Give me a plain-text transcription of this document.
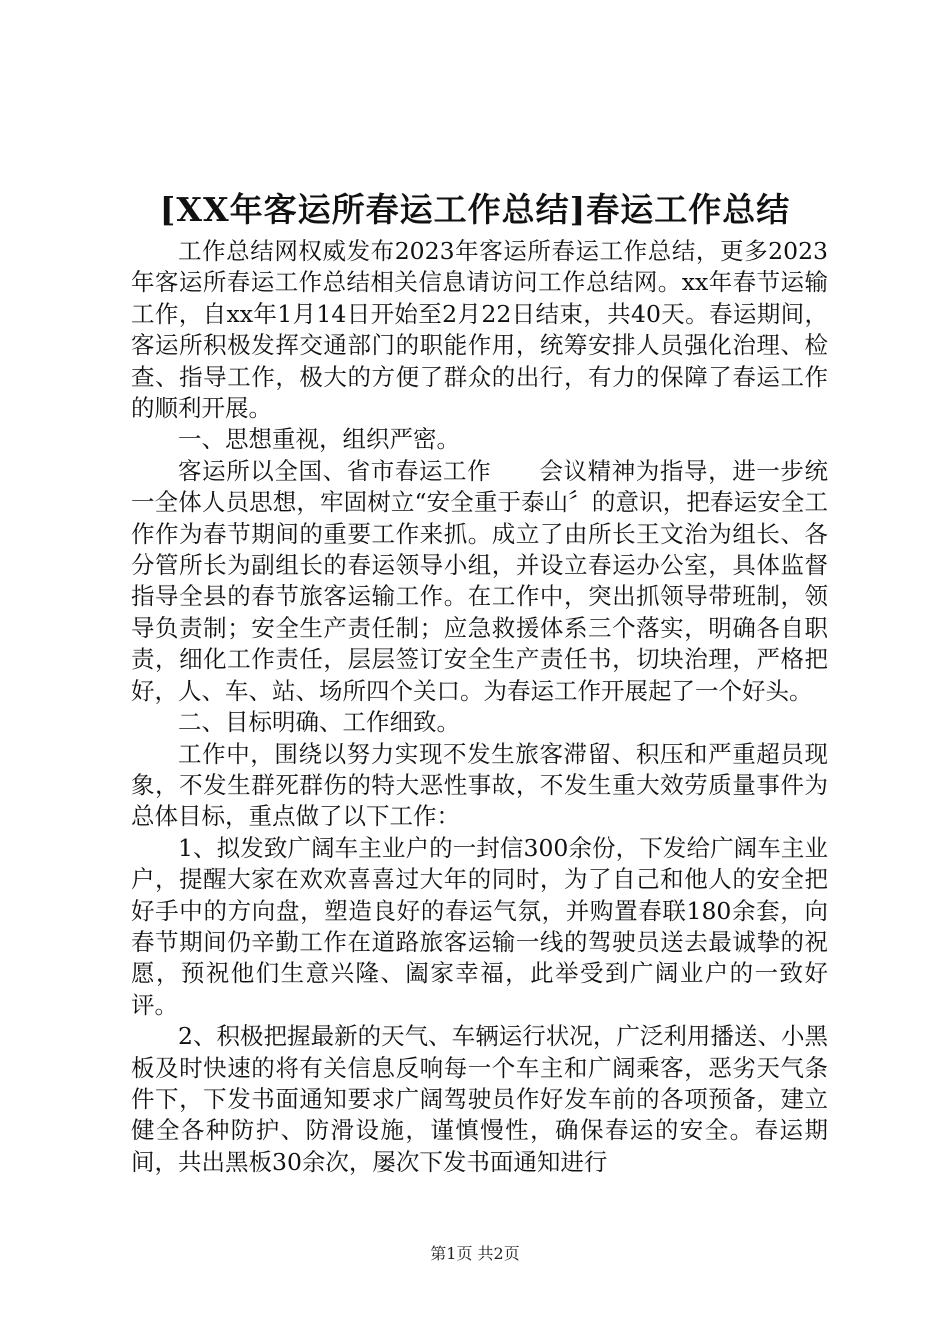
[XX年客运所春运工作总结]春运工作总结

工作总结网权威发布2023年客运所春运工作总结，更多2023年客运所春运工作总结相关信息请访问工作总结网。xx年春节运输工作，自xx年1月14日开始至2月22日结束，共40天。春运期间，客运所积极发挥交通部门的职能作用，统筹安排人员强化治理、检查、指导工作，极大的方便了群众的出行，有力的保障了春运工作的顺利开展。

一、思想重视，组织严密。

客运所以全国、省市春运工作　　会议精神为指导，进一步统一全体人员思想，牢固树立“安全重于泰山〞的意识，把春运安全工作作为春节期间的重要工作来抓。成立了由所长王文治为组长、各分管所长为副组长的春运领导小组，并设立春运办公室，具体监督指导全县的春节旅客运输工作。在工作中，突出抓领导带班制，领导负责制；安全生产责任制；应急救援体系三个落实，明确各自职责，细化工作责任，层层签订安全生产责任书，切块治理，严格把好，人、车、站、场所四个关口。为春运工作开展起了一个好头。

二、目标明确、工作细致。

工作中，围绕以努力实现不发生旅客滞留、积压和严重超员现象，不发生群死群伤的特大恶性事故，不发生重大效劳质量事件为总体目标，重点做了以下工作：

1、拟发致广阔车主业户的一封信300余份，下发给广阔车主业户，提醒大家在欢欢喜喜过大年的同时，为了自己和他人的安全把好手中的方向盘，塑造良好的春运气氛，并购置春联180余套，向春节期间仍辛勤工作在道路旅客运输一线的驾驶员送去最诚挚的祝愿，预祝他们生意兴隆、阖家幸福，此举受到广阔业户的一致好评。

2、积极把握最新的天气、车辆运行状况，广泛利用播送、小黑板及时快速的将有关信息反响每一个车主和广阔乘客，恶劣天气条件下，下发书面通知要求广阔驾驶员作好发车前的各项预备，建立健全各种防护、防滑设施，谨慎慢性，确保春运的安全。春运期间，共出黑板30余次，屡次下发书面通知进行

第1页 共2页
